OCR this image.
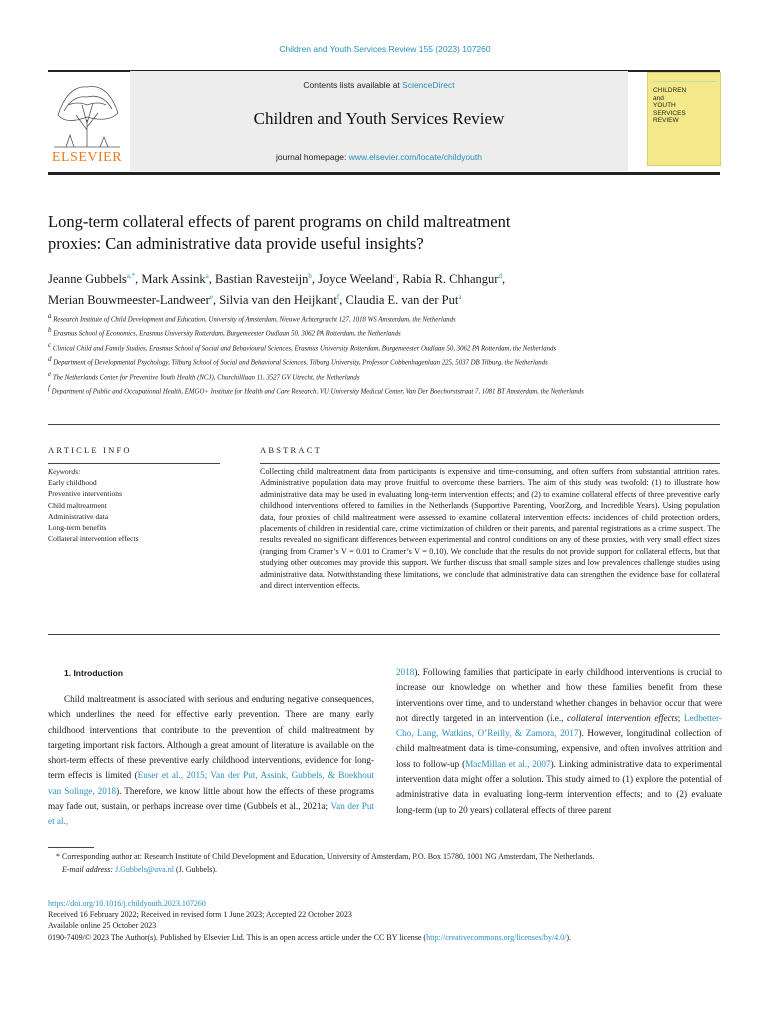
Children and Youth Services Review 155 (2023) 107260
ELSEVIER
Contents lists available at ScienceDirect
Children and Youth Services Review
journal homepage: www.elsevier.com/locate/childyouth
CHILDREN
and
YOUTH
SERVICES
REVIEW
Long-term collateral effects of parent programs on child maltreatment
proxies: Can administrative data provide useful insights?
Jeanne Gubbels$^{a,*}$, Mark Assink$^a$, Bastian Ravesteijn$^b$, Joyce Weeland$^c$, Rabia R. Chhangur$^d$,
Merian Bouwmeester-Landweer$^e$, Silvia van den Heijkant$^f$, Claudia E. van der Put$^a$
$^a$ Research Institute of Child Development and Education, University of Amsterdam, Nieuwe Achtergracht 127, 1018 WS Amsterdam, the Netherlands
$^b$ Erasmus School of Economics, Erasmus University Rotterdam, Burgemeester Oudlaan 50, 3062 PA Rotterdam, the Netherlands
$^c$ Clinical Child and Family Studies, Erasmus School of Social and Behavioural Sciences, Erasmus University Rotterdam, Burgemeester Oudlaan 50, 3062 PA Rotterdam, the Netherlands
$^d$ Department of Developmental Psychology, Tilburg School of Social and Behavioral Sciences, Tilburg University, Professor Cobbenhagenlaan 225, 5037 DB Tilburg, the Netherlands
$^e$ The Netherlands Center for Preventive Youth Health (NCJ), Churchilllaan 11, 3527 GV Utrecht, the Netherlands
$^f$ Department of Public and Occupational Health, EMGO+ Institute for Health and Care Research, VU University Medical Center, Van Der Boechorststraat 7, 1081 BT Amsterdam, the Netherlands
ARTICLE INFO	ABSTRACT
Keywords:
Early childhood
Preventive interventions
Child maltreatment
Administrative data
Long-term benefits
Collateral intervention effects
Collecting child maltreatment data from participants is expensive and time-consuming, and often suffers from substantial attrition rates. Administrative population data may prove fruitful to overcome these barriers. The aim of this study was twofold: (1) to illustrate how administrative data may be used in evaluating long-term intervention effects; and (2) to examine collateral effects of three preventive early childhood interventions offered to families in the Netherlands (Supportive Parenting, VoorZorg, and Incredible Years). Using population data, four proxies of child maltreatment were assessed to examine collateral intervention effects: incidences of child protection orders, placements of children in residential care, crime victimization of children or their parents, and parental registrations as a crime suspect. The results revealed no significant differences between experimental and control conditions on any of these proxies, with very small effect sizes (ranging from Cramer’s V = 0.01 to Cramer’s V = 0.10). We conclude that the results do not provide support for collateral effects, but that studying other outcomes may provide this support. We further discuss that small sample sizes and low prevalences challenge studies using administrative data. Notwithstanding these limitations, we conclude that administrative data can strengthen the evidence base for collateral and direct intervention effects.
1. Introduction
Child maltreatment is associated with serious and enduring negative consequences, which underlines the need for effective early prevention. There are many early childhood interventions that contribute to the prevention of child maltreatment by targeting important risk factors. Although a great amount of literature is available on the short-term effects of these preventive early childhood interventions, evidence for long-term effects is limited (Euser et al., 2015; Van der Put, Assink, Gubbels, & Boekhout van Solinge, 2018). Therefore, we know little about how the effects of these programs may fade out, sustain, or perhaps increase over time (Gubbels et al., 2021a; Van der Put et al.,
2018). Following families that participate in early childhood interventions is crucial to increase our knowledge on whether and how these families benefit from these interventions over time, and to understand whether changes in behavior occur that were not directly targeted in an intervention (i.e., collateral intervention effects; Ledbetter-Cho, Lang, Watkins, O’Reilly, & Zamora, 2017). However, longitudinal collection of child maltreatment data is time-consuming, expensive, and often involves attrition and loss to follow-up (MacMillan et al., 2007). Linking administrative data to experimental intervention data might offer a solution. This study aimed to (1) explore the potential of administrative data in evaluating long-term intervention effects; and to (2) evaluate long-term (up to 20 years) collateral effects of three parent
* Corresponding author at: Research Institute of Child Development and Education, University of Amsterdam, P.O. Box 15780, 1001 NG Amsterdam, The Netherlands.
E-mail address: J.Gubbels@uva.nl (J. Gubbels).
https://doi.org/10.1016/j.childyouth.2023.107260
Received 16 February 2022; Received in revised form 1 June 2023; Accepted 22 October 2023
Available online 25 October 2023
0190-7409/© 2023 The Author(s). Published by Elsevier Ltd. This is an open access article under the CC BY license (http://creativecommons.org/licenses/by/4.0/).
